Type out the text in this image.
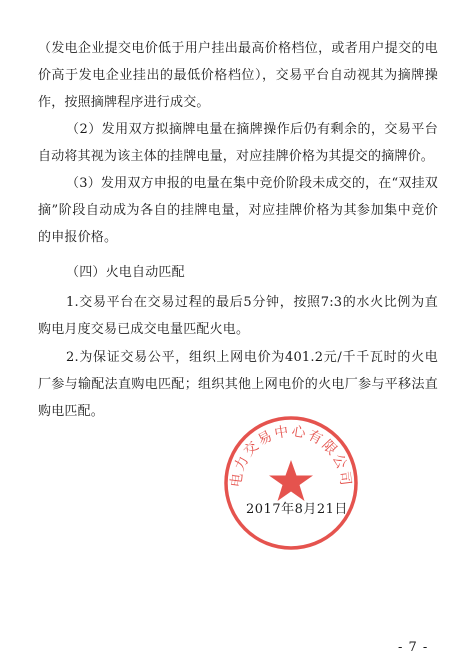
（发电企业提交电价低于用户挂出最高价格档位，或者用户提交的电价高于发电企业挂出的最低价格档位），交易平台自动视其为摘牌操作，按照摘牌程序进行成交。

（2）发用双方拟摘牌电量在摘牌操作后仍有剩余的，交易平台自动将其视为该主体的挂牌电量，对应挂牌价格为其提交的摘牌价。

（3）发用双方申报的电量在集中竞价阶段未成交的，在“双挂双摘”阶段自动成为各自的挂牌电量，对应挂牌价格为其参加集中竞价的申报价格。

（四）火电自动匹配

1.交易平台在交易过程的最后5分钟，按照7:3的水火比例为直购电月度交易已成交电量匹配火电。

2.为保证交易公平，组织上网电价为401.2元/千千瓦时的火电厂参与输配法直购电匹配；组织其他上网电价的火电厂参与平移法直购电匹配。

电力交易中心有限公司
2017年8月21日
- 7 -
